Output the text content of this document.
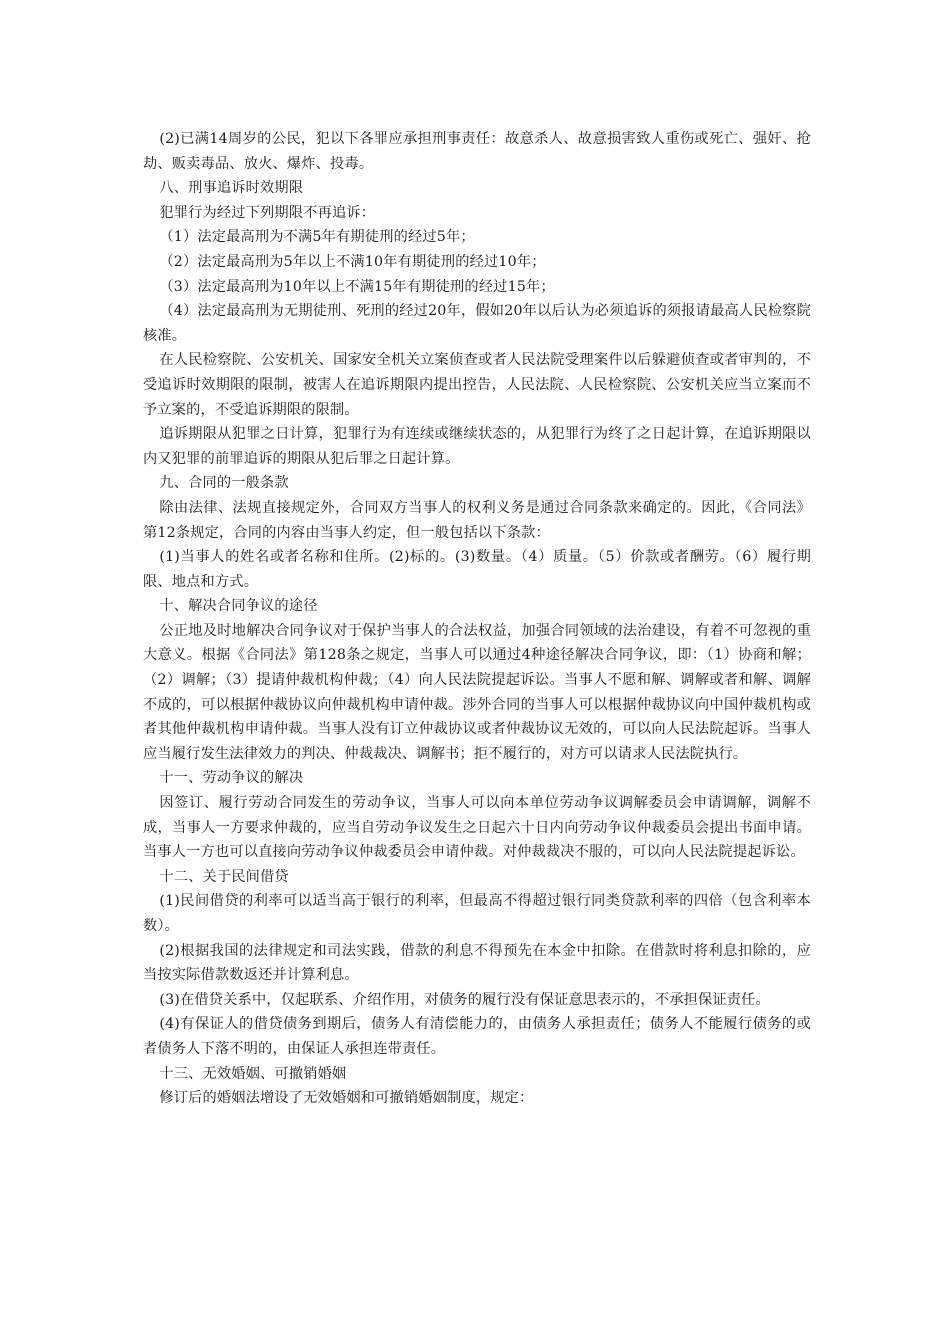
(2)已满14周岁的公民，犯以下各罪应承担刑事责任：故意杀人、故意损害致人重伤或死亡、强奸、抢劫、贩卖毒品、放火、爆炸、投毒。

八、刑事追诉时效期限

犯罪行为经过下列期限不再追诉：

（1）法定最高刑为不满5年有期徒刑的经过5年；

（2）法定最高刑为5年以上不满10年有期徒刑的经过10年；

（3）法定最高刑为10年以上不满15年有期徒刑的经过15年；

（4）法定最高刑为无期徒刑、死刑的经过20年，假如20年以后认为必须追诉的须报请最高人民检察院核准。

在人民检察院、公安机关、国家安全机关立案侦查或者人民法院受理案件以后躲避侦查或者审判的，不受追诉时效期限的限制，被害人在追诉期限内提出控告，人民法院、人民检察院、公安机关应当立案而不予立案的，不受追诉期限的限制。

追诉期限从犯罪之日计算，犯罪行为有连续或继续状态的，从犯罪行为终了之日起计算，在追诉期限以内又犯罪的前罪追诉的期限从犯后罪之日起计算。

九、合同的一般条款

除由法律、法规直接规定外，合同双方当事人的权利义务是通过合同条款来确定的。因此，《合同法》第12条规定，合同的内容由当事人约定，但一般包括以下条款：

(1)当事人的姓名或者名称和住所。(2)标的。(3)数量。（4）质量。（5）价款或者酬劳。（6）履行期限、地点和方式。

十、解决合同争议的途径

公正地及时地解决合同争议对于保护当事人的合法权益，加强合同领域的法治建设，有着不可忽视的重大意义。根据《合同法》第128条之规定，当事人可以通过4种途径解决合同争议，即：（1）协商和解；（2）调解；（3）提请仲裁机构仲裁；（4）向人民法院提起诉讼。当事人不愿和解、调解或者和解、调解不成的，可以根据仲裁协议向仲裁机构申请仲裁。涉外合同的当事人可以根据仲裁协议向中国仲裁机构或者其他仲裁机构申请仲裁。当事人没有订立仲裁协议或者仲裁协议无效的，可以向人民法院起诉。当事人应当履行发生法律效力的判决、仲裁裁决、调解书；拒不履行的，对方可以请求人民法院执行。

十一、劳动争议的解决

因签订、履行劳动合同发生的劳动争议，当事人可以向本单位劳动争议调解委员会申请调解，调解不成，当事人一方要求仲裁的，应当自劳动争议发生之日起六十日内向劳动争议仲裁委员会提出书面申请。当事人一方也可以直接向劳动争议仲裁委员会申请仲裁。对仲裁裁决不服的，可以向人民法院提起诉讼。

十二、关于民间借贷

(1)民间借贷的利率可以适当高于银行的利率，但最高不得超过银行同类贷款利率的四倍（包含利率本数）。

(2)根据我国的法律规定和司法实践，借款的利息不得预先在本金中扣除。在借款时将利息扣除的，应当按实际借款数返还并计算利息。

(3)在借贷关系中，仅起联系、介绍作用，对债务的履行没有保证意思表示的，不承担保证责任。

(4)有保证人的借贷债务到期后，债务人有清偿能力的，由债务人承担责任；债务人不能履行债务的或者债务人下落不明的，由保证人承担连带责任。

十三、无效婚姻、可撤销婚姻

修订后的婚姻法增设了无效婚姻和可撤销婚姻制度，规定：
